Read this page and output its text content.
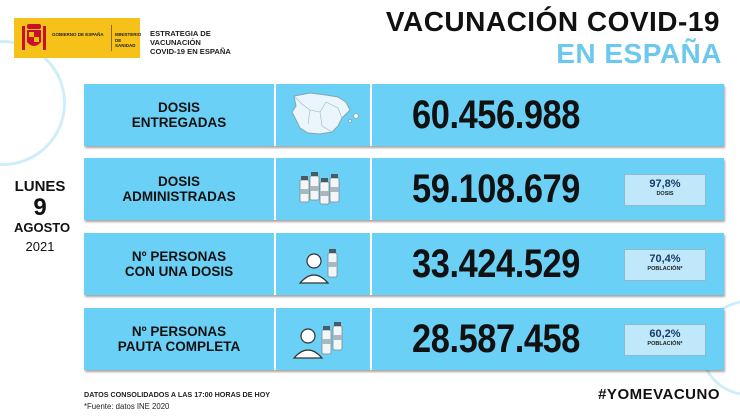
GOBIERNO DE ESPAÑA	MINISTERIO DE SANIDAD
ESTRATEGIA DE
VACUNACIÓN
COVID-19 EN ESPAÑA
VACUNACIÓN COVID-19
EN ESPAÑA
LUNES
9
AGOSTO
2021
DOSIS
ENTREGADAS	60.456.988
DOSIS
ADMINISTRADAS	59.108.679	97,8%
DOSIS
Nº PERSONAS
CON UNA DOSIS	33.424.529	70,4%
POBLACIÓN*
Nº PERSONAS
PAUTA COMPLETA	28.587.458	60,2%
POBLACIÓN*
DATOS CONSOLIDADOS A LAS 17:00 HORAS DE HOY
*Fuente: datos INE 2020
#YOMEVACUNO
